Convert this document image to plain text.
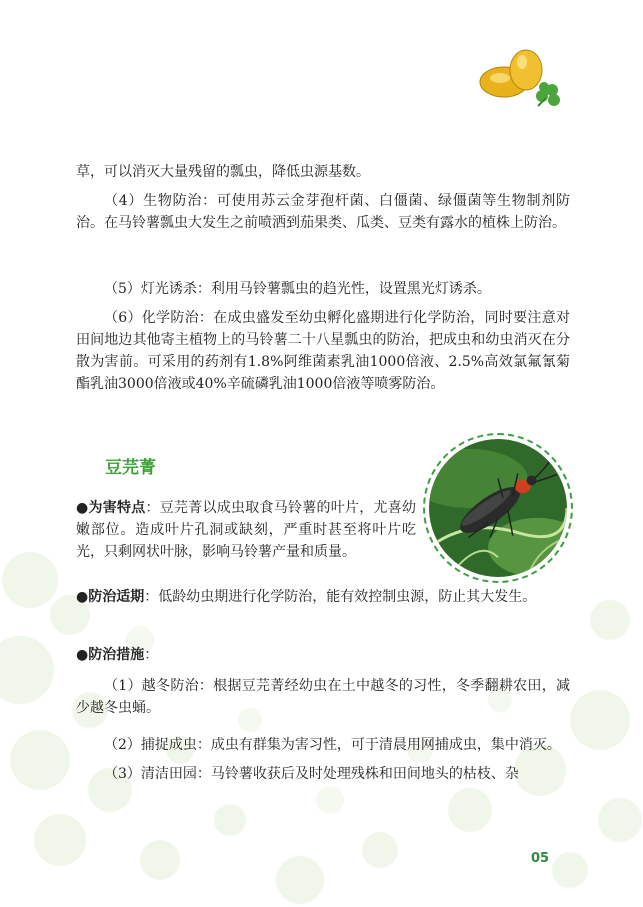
草，可以消灭大量残留的瓢虫，降低虫源基数。

（4）生物防治：可使用苏云金芽孢杆菌、白僵菌、绿僵菌等生物制剂防治。在马铃薯瓢虫大发生之前喷洒到茄果类、瓜类、豆类有露水的植株上防治。

（5）灯光诱杀：利用马铃薯瓢虫的趋光性，设置黑光灯诱杀。

（6）化学防治：在成虫盛发至幼虫孵化盛期进行化学防治，同时要注意对田间地边其他寄主植物上的马铃薯二十八星瓢虫的防治，把成虫和幼虫消灭在分散为害前。可采用的药剂有1.8%阿维菌素乳油1000倍液、2.5%高效氯氟氰菊酯乳油3000倍液或40%辛硫磷乳油1000倍液等喷雾防治。

豆芫菁

●为害特点：豆芫菁以成虫取食马铃薯的叶片，尤喜幼嫩部位。造成叶片孔洞或缺刻，严重时甚至将叶片吃光，只剩网状叶脉，影响马铃薯产量和质量。

●防治适期：低龄幼虫期进行化学防治，能有效控制虫源，防止其大发生。

●防治措施：

（1）越冬防治：根据豆芫菁经幼虫在土中越冬的习性，冬季翻耕农田，减少越冬虫蛹。

（2）捕捉成虫：成虫有群集为害习性，可于清晨用网捕成虫，集中消灭。

（3）清洁田园：马铃薯收获后及时处理残株和田间地头的枯枝、杂

05
